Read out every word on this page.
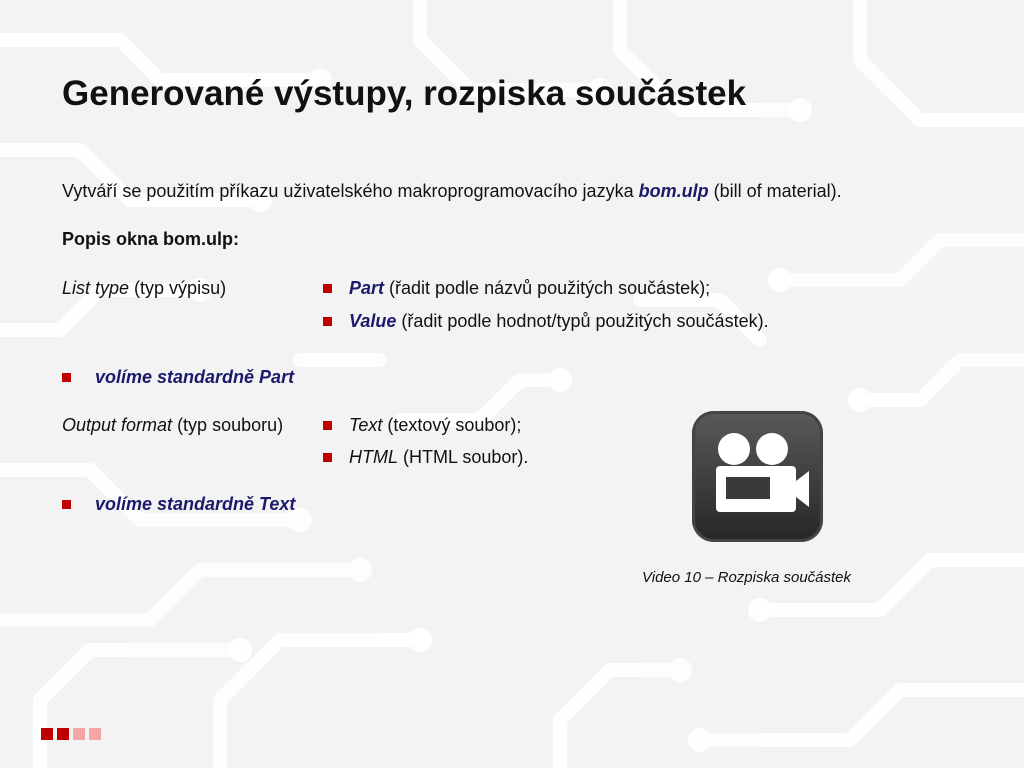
Generované výstupy, rozpiska součástek
Vytváří se použitím příkazu uživatelského makroprogramovacího jazyka bom.ulp (bill of material).
Popis okna bom.ulp:
List type (typ výpisu)	Part (řadit podle názvů použitých součástek);
Value (řadit podle hodnot/typů použitých součástek).
volíme standardně Part
Output format (typ souboru)	Text (textový soubor);
HTML (HTML soubor).
volíme standardně Text
Video 10 – Rozpiska součástek
